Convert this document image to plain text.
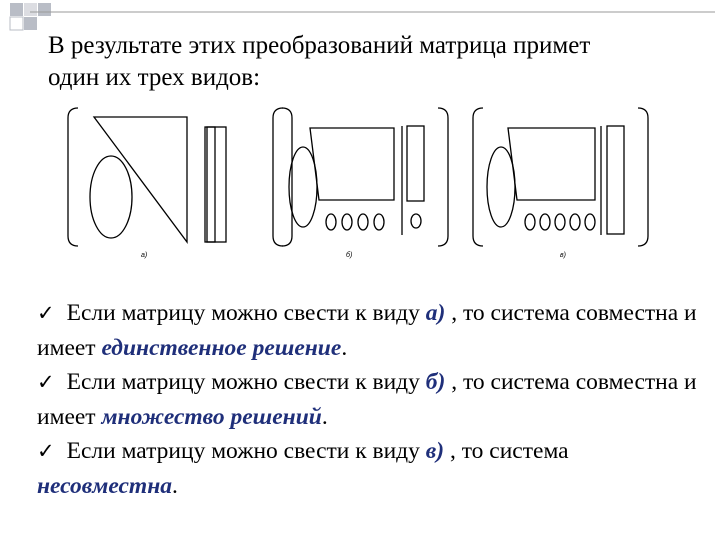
В результате этих преобразований матрица примет
один их трех видов:
а)	б)	в)

✓ Если матрицу можно свести к виду а) , то система совместна и имеет единственное решение.

✓ Если матрицу можно свести к виду б) , то система совместна и имеет множество решений.

✓ Если матрицу можно свести к виду в) , то система несовместна.
